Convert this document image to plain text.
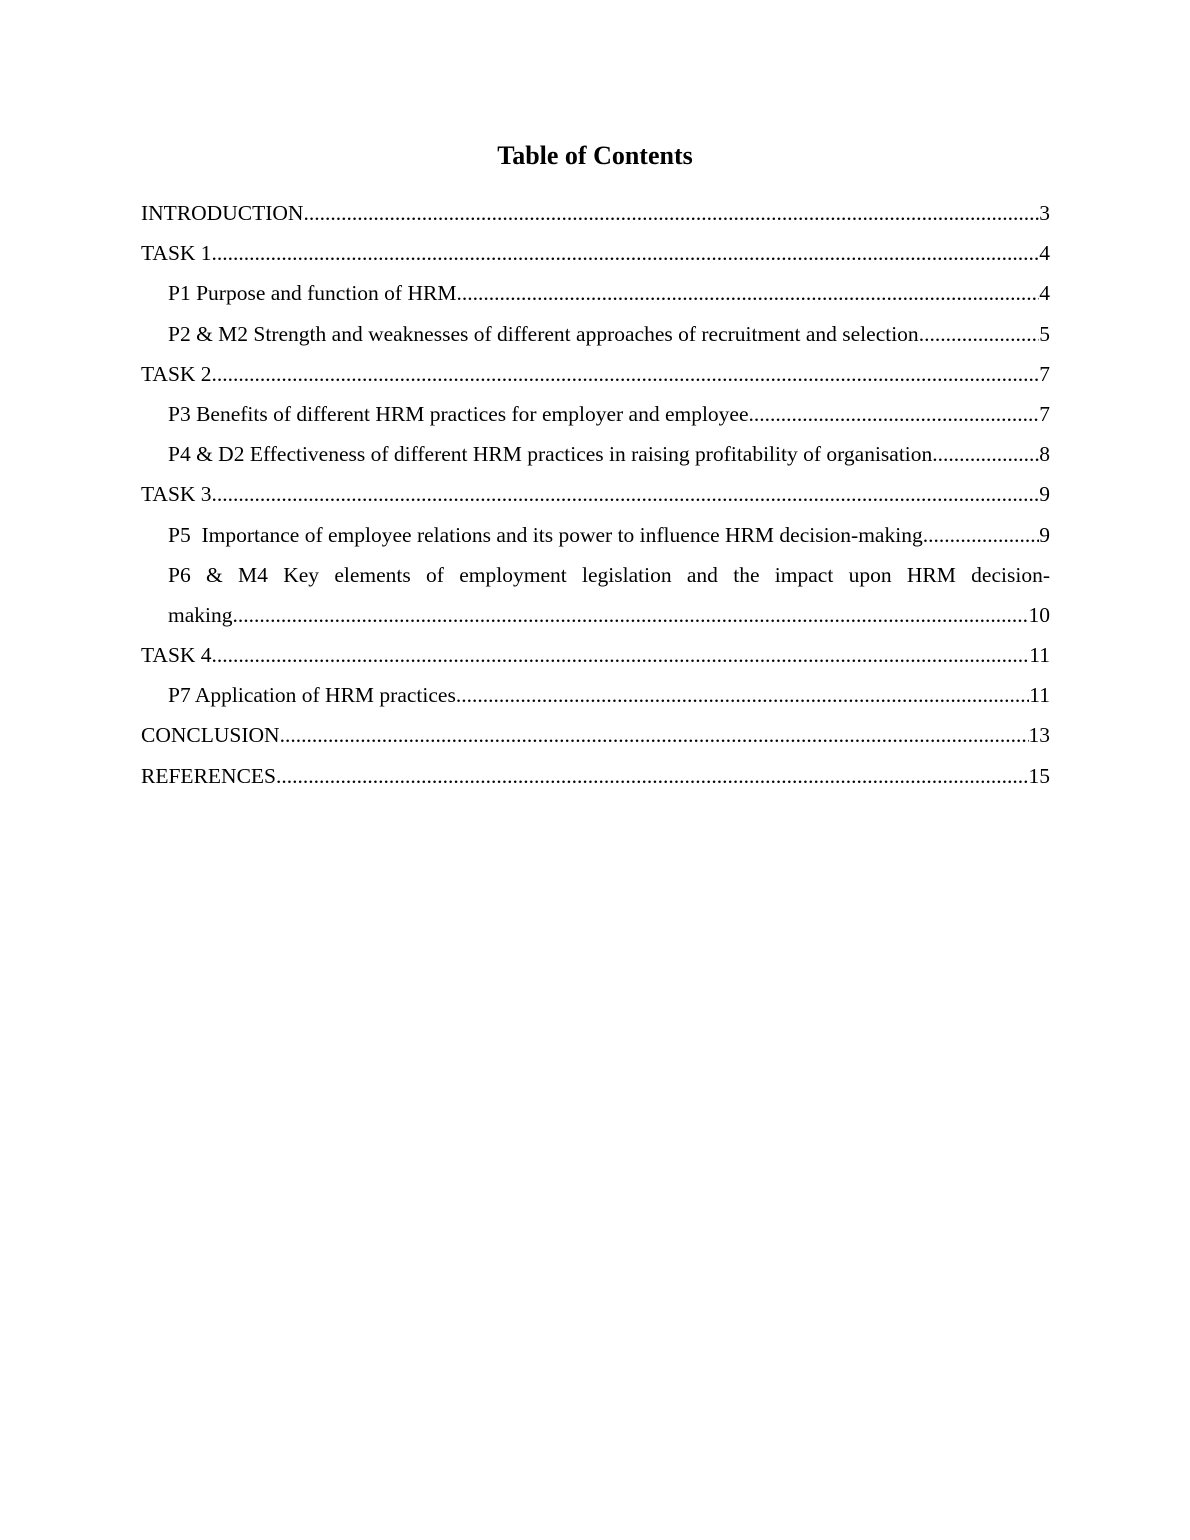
Table of Contents
INTRODUCTION .....	3
TASK 1 .....	4
P1 Purpose and function of HRM .....	4
P2 & M2 Strength and weaknesses of different approaches of recruitment and selection .....	5
TASK 2 .....	7
P3 Benefits of different HRM practices for employer and employee .....	7
P4 & D2 Effectiveness of different HRM practices in raising profitability of organisation .....	8
TASK 3 .....	9
P5  Importance of employee relations and its power to influence HRM decision-making .....	9
P6 & M4 Key elements of employment legislation and the impact upon HRM decision-
making .....	10
TASK 4 .....	11
P7 Application of HRM practices .....	11
CONCLUSION .....	13
REFERENCES .....	15
